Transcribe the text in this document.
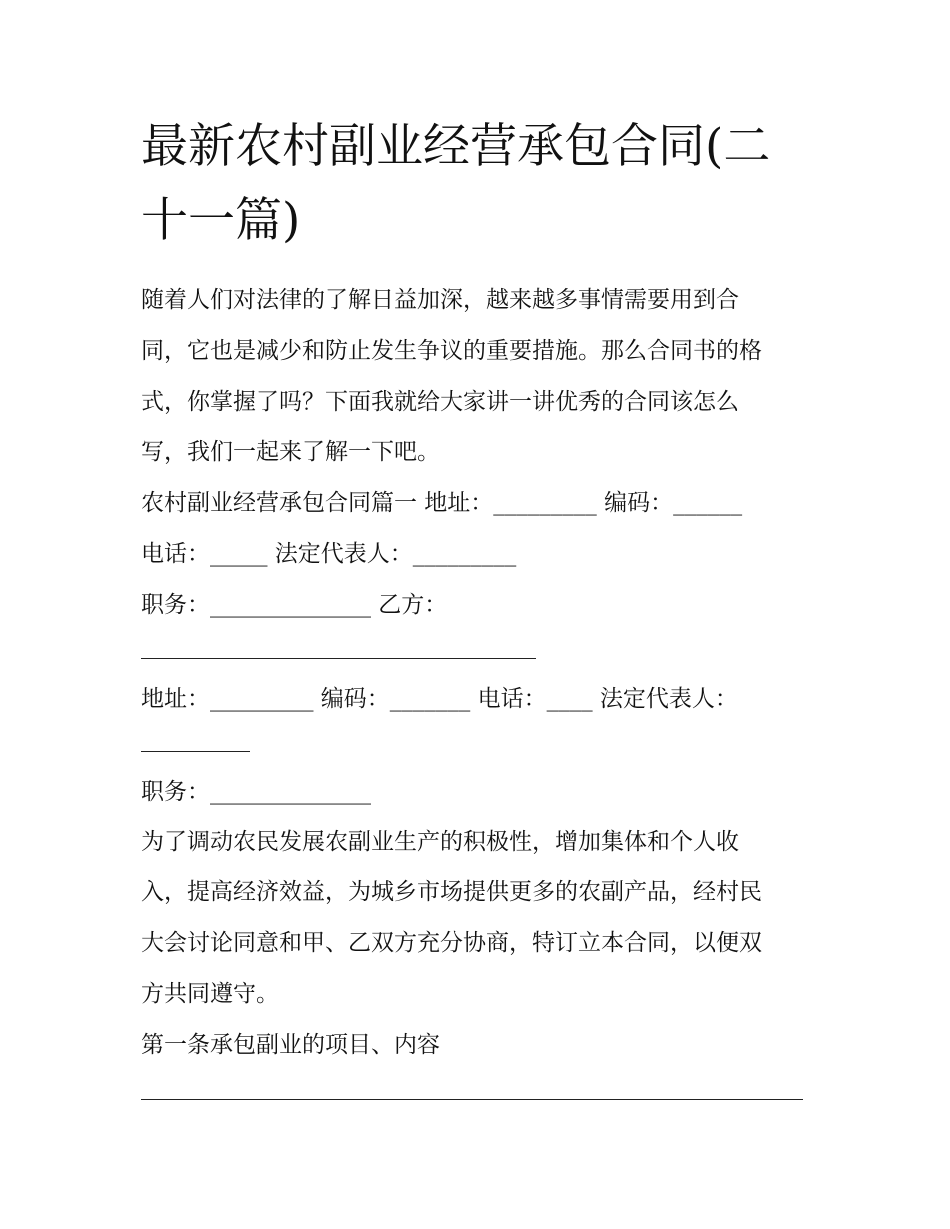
最新农村副业经营承包合同(二
十一篇)
随着人们对法律的了解日益加深，越来越多事情需要用到合
同，它也是减少和防止发生争议的重要措施。那么合同书的格
式，你掌握了吗？下面我就给大家讲一讲优秀的合同该怎么
写，我们一起来了解一下吧。
农村副业经营承包合同篇一 地址：_________ 编码：______
电话：_____ 法定代表人：_________
职务：______________ 乙方：
地址：_________ 编码：_______ 电话：____ 法定代表人：
职务：______________
为了调动农民发展农副业生产的积极性，增加集体和个人收
入，提高经济效益，为城乡市场提供更多的农副产品，经村民
大会讨论同意和甲、乙双方充分协商，特订立本合同，以便双
方共同遵守。
第一条承包副业的项目、内容
